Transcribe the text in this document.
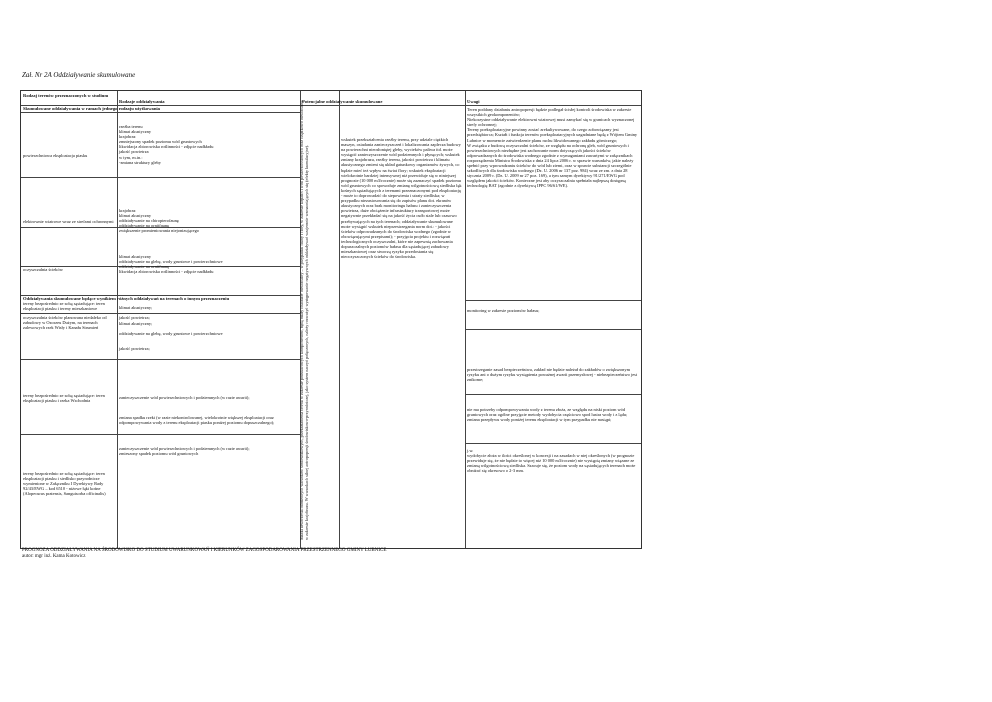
Zał. Nr 2A Oddziaływanie skumulowane
Rodzaj terenów przeznaczonych w studium
Rodzaje oddziaływania	Potencjalne oddziaływanie skumulowane	Uwagi
Skumulowane oddziaływania w ramach jednego rodzaju użytkowania
Oddziaływania skumulowane będące wynikiem różnych oddziaływań na terenach o innym przeznaczeniu
powierzchniowa eksploatacja piasku
elektrownie wiatrowe wraz ze strefami ochronnymi
oczyszczalnia ścieków
tereny bezpośrednio ze sobą sąsiadujące: teren eksploatacji piasku i tereny mieszkaniowe
oczyszczalnia ścieków planowana niedaleko od zabudowy w Ozorzeu Dużym, na terenach zalewowych rzek Wisły i Kanału Strumień
tereny bezpośrednio ze sobą sąsiadujące: teren eksploatacji piasku i rzeka Wschodnia
tereny bezpośrednio ze sobą sąsiadujące: teren eksploatacji piasku i siedlisko przyrodnicze wymienione w Załączniku I Dyrektywy Rady 92/43/EWG – kod 6510 - niżowe łąki kośne (Alopecurus pratensis, Sanguisorba officinalis)
rzeźba terenu
klimat akustyczny
krajobraz
zmniejszony spadek poziomu wód gruntowych
likwidacja zbiorowiska roślinności - zdjęcie nadkładu
jakość powietrza
w tym, m.in.:
-zmiana struktury gleby
krajobraz
klimat akustyczny
oddziaływanie na chiropterofaunę
oddziaływanie na ornitfaunę
zwiększenie promieniowania niejonizującego
klimat akustyczny
oddziaływanie na glebę, wody gruntowe i powierzchniowe
oddziaływanie na ornitfaunę
likwidacja zbiorowiska roślinności - zdjęcie nadkładu
klimat akustyczny;

jakość powietrza;
klimat akustyczny;

oddziaływanie na glebę, wody gruntowe i powierzchniowe

jakość powietrza;
zanieczyszczenie wód powierzchniowych i podziemnych (w razie awarii);

zmiana spadku rzeki (w razie niekontrolowanej, wielokrotnie większej eksploatacji oraz odpompowywania wody z terenu eksploatacji piasku poniżej poziomu dopuszczalnego);
zanieczyszczenie wód powierzchniowych i podziemnych (w razie awarii);
zmieszony spadek poziomu wód gruntowych
wskutek przekształcenia rzeźby terenu, przy udziale ciężkich maszyn, osiadania zanieczyszczeń i lokalizowania zaplecza budowy na powierzchni nieosłoniętej gleby, wycieków paliwa itd. może wystąpić zanieczyszczenie wód podziemnych i płynących; wskutek zmiany krajobrazu, rzeźby terenu, jakości powietrza i klimatu akustycznego zmieni się układ gatunkowy organizmów żywych, co będzie mieć też wpływ na świat flory; wskutek eksploatacji wielokrotnie bardziej intensywnej niż przewiduje się w niniejszej prognozie (10 000 m3/rocznie) może się zaznaczyć spadek poziomu wód gruntowych co spowoduje zmianę wilgotnościową siedliska łąk kośnych sąsiadujących z terenami przeznaczonymi pod eksploatację - może to doprowadzić do stepowienia i utraty siedliska; w przypadku niezastosowania się do zapisów planu dot. ekranów akustycznych oraz brak monitoringu hałasu i zanieczyszczenia powietrza, duże obciążenie infrastruktury transportowej może negatywnie przekładać się na jakość życia osób stale lub czasowo przebywających na tych terenach; oddziaływanie skumulowane może wystąpić wskutek nieprzestrzegania norm dot.: - jakości ścieków odprowadzanych do środowiska wodnego (zgodnie w obowiązującymi przepisami); - przyjęcia projektu i rozwiązań technologicznych oczyszczalni, które nie zapewnią zachowania dopuszczalnych poziomów hałasu dla sąsiadującej zabudowy mieszkaniowej oraz stworzą ryzyko przedostania się nieoczyszczonych ścieków do środowiska.
Teren poddany działaniu antropopresji będzie podlegał ścisłej kontroli środowiska w zakresie wszystkich geokomponentów;
Niekorzystne oddziaływanie elektrowni wiatrowej musi zamykać się w granicach wyznaczonej strefy ochronnej;
Tereny poeksploatacyjne powinny zostać zrekultywowane, do czego zobowiązany jest przedsiębiorca; Kształt i funkcja terenów poeksploatacyjnych uzgadniane będą z Wójtem Gminy Lubnice w momencie zatwierdzenie planu ruchu likwidowanego zakładu górniczego;
W związku z budową oczyszczalni ścieków, ze względu na ochronę gleb, wód gruntowych i powierzchniowych niezbędne jest zachowanie norm dotyczących jakości ścieków odprowadzanych do środowiska wodnego zgodnie z wymaganiami zawartymi w załącznikach rozporządzenia Ministra Środowiska z dnia 24 lipca 2006 r. w sprawie warunków, jakie należy spełnić przy wprowadzaniu ścieków do wód lub ziemi, oraz w sprawie substancji szczególnie szkodliwych dla środowiska wodnego (Dz. U. 2006 nr 137 poz. 984) wraz ze zm. z dnia 28 stycznia 2009 r. (Dz. U. 2009 nr 27 poz. 169), a tym samym dyrektywy 91/271/EWG pod względem jakości ścieków. Konieczne jest aby oczyszczalnia spełniała najlepszą dostępną technologię BAT (zgodnie z dyrektywą IPPC 96/61/WE).
monitoring w zakresie poziomów hałasu;
przestrzeganie zasad bezpieczeństwa, zakład nie będzie należał do zakładów o zwiększonym ryzyku ani o dużym ryzyku wystąpienia poważnej awarii przemysłowej - niebezpieczeństwo jest znikome;
nie ma potrzeby odpompowywania wody z terenu złoża, ze względu na niski poziom wód gruntowych oraz ogólne przyjęcie metody wydobycia częściowo spod lustra wody i z lądu; zmiana przepływu wody poniżej terenu eksploatacji w tym przypadku nie nastąpi;
j.w.
wydobycie złoża w ilości określonej w koncesji i na zasadach w niej określonych (w prognozie przewiduje się, że nie będzie to więcej niż 10 000 m3/rocznie) nie wystąpią zmiany wiązane ze zmianą wilgotnościową siedliska. Szacuje się, że poziom wody na sąsiadujących terenach może obniżać się okresowo o 2-3 mm.
Skutki utworzenia odmiennych warunków środowiskowych, przekształcenia terenu w zakresie podstawowych komponentów, będą miały charakter odwracalny – w przypadku fauny i flory, w zakresie kopalin i wód powierzchniowych oraz cząstkowo odwracalny w zakresie krajobrazu. W warunkach silnej antropopresji środowiskowo-przyrodniczej, jako system naczyń połączonych, należy rozważyć występowanie negatywnych oddziaływań wzajemnie wzmacniających się (efekty kumulacyjne).
PROGNOZA ODDZIAŁYWANIA NA ŚRODOWISKO DO STUDIUM UWARUNKOWAŃ I KIERUNKÓW ZAGOSPODAROWANIA PRZESTRZENNEGO GMINY LUBNICE
autor: mgr inż. Kama Kotowicz
